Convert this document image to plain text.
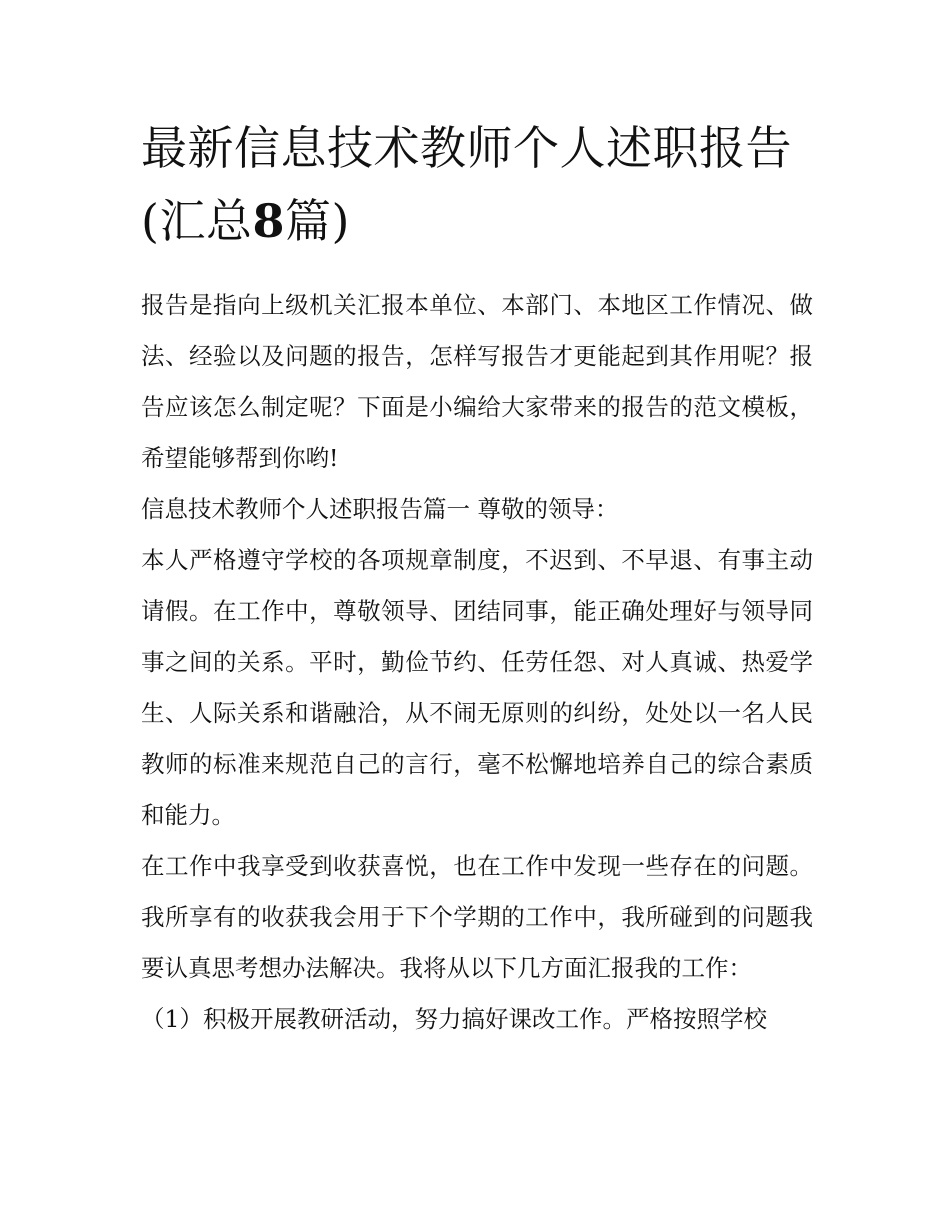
最新信息技术教师个人述职报告(汇总8篇)

报告是指向上级机关汇报本单位、本部门、本地区工作情况、做法、经验以及问题的报告，怎样写报告才更能起到其作用呢？报告应该怎么制定呢？下面是小编给大家带来的报告的范文模板，希望能够帮到你哟!

信息技术教师个人述职报告篇一 尊敬的领导：

本人严格遵守学校的各项规章制度，不迟到、不早退、有事主动请假。在工作中，尊敬领导、团结同事，能正确处理好与领导同事之间的关系。平时，勤俭节约、任劳任怨、对人真诚、热爱学生、人际关系和谐融洽，从不闹无原则的纠纷，处处以一名人民教师的标准来规范自己的言行，毫不松懈地培养自己的综合素质和能力。

在工作中我享受到收获喜悦，也在工作中发现一些存在的问题。我所享有的收获我会用于下个学期的工作中，我所碰到的问题我要认真思考想办法解决。我将从以下几方面汇报我的工作：

（1）积极开展教研活动，努力搞好课改工作。严格按照学校
